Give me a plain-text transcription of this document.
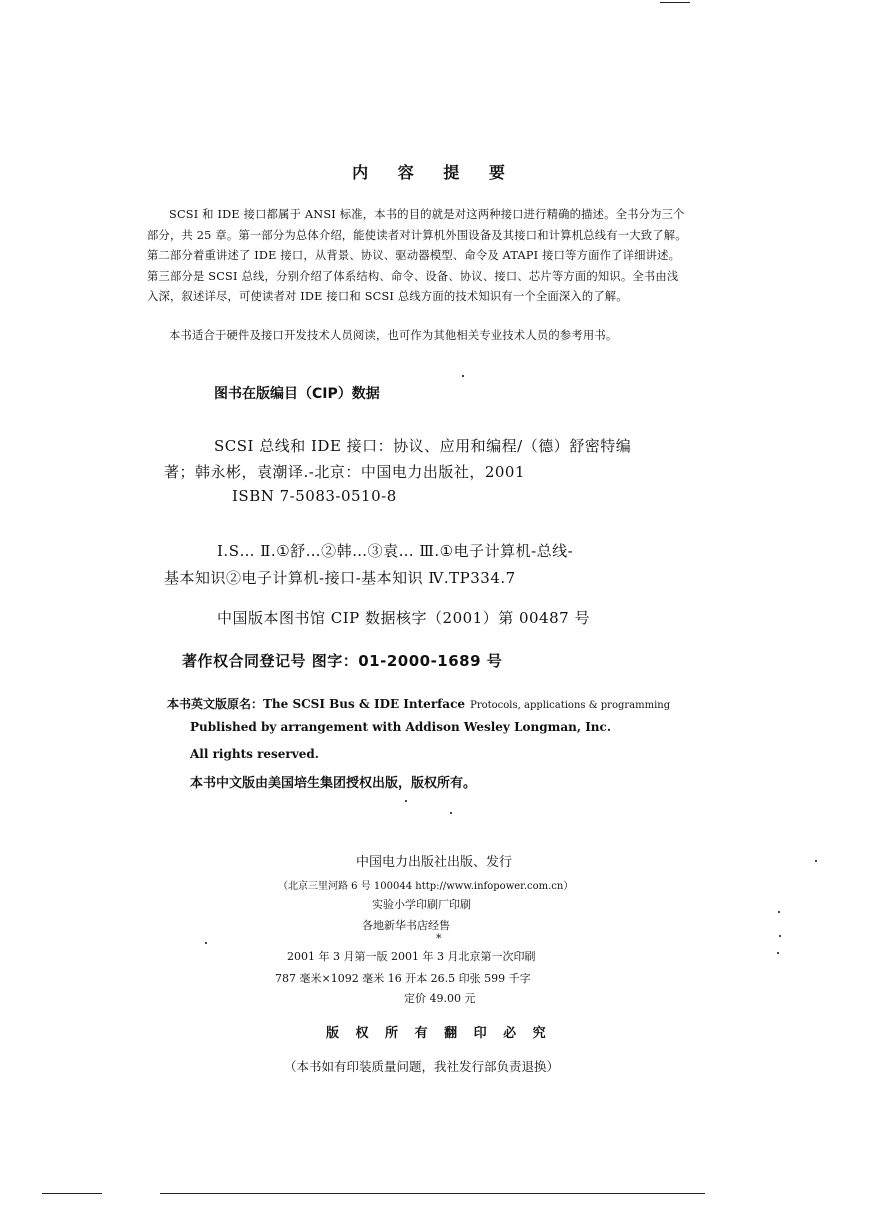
内 容 提 要
SCSI 和 IDE 接口都属于 ANSI 标准，本书的目的就是对这两种接口进行精确的描述。全书分为三个部分，共 25 章。第一部分为总体介绍，能使读者对计算机外围设备及其接口和计算机总线有一大致了解。第二部分着重讲述了 IDE 接口，从背景、协议、驱动器模型、命令及 ATAPI 接口等方面作了详细讲述。第三部分是 SCSI 总线，分别介绍了体系结构、命令、设备、协议、接口、芯片等方面的知识。全书由浅入深，叙述详尽，可使读者对 IDE 接口和 SCSI 总线方面的技术知识有一个全面深入的了解。
本书适合于硬件及接口开发技术人员阅读，也可作为其他相关专业技术人员的参考用书。
图书在版编目（CIP）数据
SCSI 总线和 IDE 接口：协议、应用和编程/（德）舒密特编
著；韩永彬，袁潮译.-北京：中国电力出版社，2001
ISBN 7-5083-0510-8
Ⅰ.S… Ⅱ.①舒…②韩…③袁… Ⅲ.①电子计算机-总线-
基本知识②电子计算机-接口-基本知识 Ⅳ.TP334.7
中国版本图书馆 CIP 数据核字（2001）第 00487 号
著作权合同登记号 图字：01-2000-1689 号
本书英文版原名：The SCSI Bus & IDE Interface Protocols, applications & programming
Published by arrangement with Addison Wesley Longman, Inc.
All rights reserved.
本书中文版由美国培生集团授权出版，版权所有。
中国电力出版社出版、发行
（北京三里河路 6 号 100044 http://www.infopower.com.cn）
实验小学印刷厂印刷
各地新华书店经售
*
2001 年 3 月第一版 2001 年 3 月北京第一次印刷
787 毫米×1092 毫米 16 开本 26.5 印张 599 千字
定价 49.00 元
版 权 所 有 翻 印 必 究
（本书如有印装质量问题，我社发行部负责退换）
